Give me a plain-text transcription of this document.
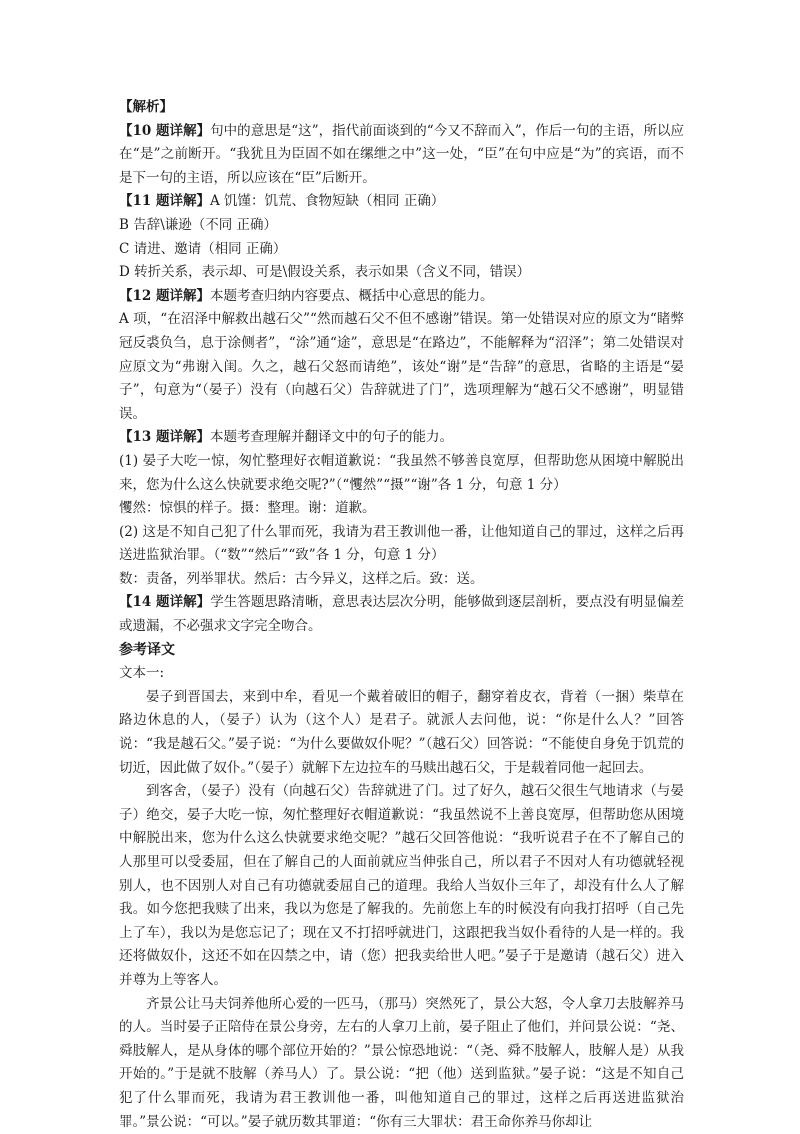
【解析】

【10 题详解】句中的意思是“这”，指代前面谈到的“今又不辞而入”，作后一句的主语，所以应在“是”之前断开。“我犹且为臣固不如在缧绁之中”这一处，“臣”在句中应是“为”的宾语，而不是下一句的主语，所以应该在“臣”后断开。

【11 题详解】A 饥馑：饥荒、食物短缺（相同 正确）

B 告辞\谦逊（不同 正确）

C 请进、邀请（相同 正确）

D 转折关系，表示却、可是\假设关系，表示如果（含义不同，错误）

【12 题详解】本题考查归纳内容要点、概括中心意思的能力。

A 项，“在沼泽中解救出越石父”“然而越石父不但不感谢”错误。第一处错误对应的原文为“睹弊冠反裘负刍，息于涂侧者”，“涂”通“途”，意思是“在路边”，不能解释为“沼泽”；第二处错误对应原文为“弗谢入闺。久之，越石父怒而请绝”，该处“谢”是“告辞”的意思，省略的主语是“晏子”，句意为“（晏子）没有（向越石父）告辞就进了门”，选项理解为“越石父不感谢”，明显错误。

【13 题详解】本题考查理解并翻译文中的句子的能力。

(1) 晏子大吃一惊，匆忙整理好衣帽道歉说：“我虽然不够善良宽厚，但帮助您从困境中解脱出来，您为什么这么快就要求绝交呢?”（“戄然”“摄”“谢”各 1 分，句意 1 分）

戄然：惊惧的样子。摄：整理。谢：道歉。

(2) 这是不知自己犯了什么罪而死，我请为君王教训他一番，让他知道自己的罪过，这样之后再送进监狱治罪。（“数”“然后”“致”各 1 分，句意 1 分）

数：责备，列举罪状。然后：古今异义，这样之后。致：送。

【14 题详解】学生答题思路清晰，意思表达层次分明，能够做到逐层剖析，要点没有明显偏差或遗漏，不必强求文字完全吻合。

参考译文

文本一:

晏子到晋国去，来到中牟，看见一个戴着破旧的帽子，翻穿着皮衣，背着（一捆）柴草在路边休息的人，（晏子）认为（这个人）是君子。就派人去问他，说：“你是什么人？”回答说：“我是越石父。”晏子说：“为什么要做奴仆呢？”（越石父）回答说：“不能使自身免于饥荒的切近，因此做了奴仆。”（晏子）就解下左边拉车的马赎出越石父，于是载着同他一起回去。

到客舍，（晏子）没有（向越石父）告辞就进了门。过了好久，越石父很生气地请求（与晏子）绝交，晏子大吃一惊，匆忙整理好衣帽道歉说：“我虽然说不上善良宽厚，但帮助您从困境中解脱出来，您为什么这么快就要求绝交呢？”越石父回答他说：“我听说君子在不了解自己的人那里可以受委屈，但在了解自己的人面前就应当伸张自己，所以君子不因对人有功德就轻视别人，也不因别人对自己有功德就委屈自己的道理。我给人当奴仆三年了，却没有什么人了解我。如今您把我赎了出来，我以为您是了解我的。先前您上车的时候没有向我打招呼（自己先上了车），我以为是您忘记了；现在又不打招呼就进门，这跟把我当奴仆看待的人是一样的。我还将做奴仆，这还不如在囚禁之中，请（您）把我卖给世人吧。”晏子于是邀请（越石父）进入并尊为上等客人。

齐景公让马夫饲养他所心爱的一匹马，（那马）突然死了，景公大怒，令人拿刀去肢解养马的人。当时晏子正陪侍在景公身旁，左右的人拿刀上前，晏子阻止了他们，并问景公说：“尧、舜肢解人，是从身体的哪个部位开始的？”景公惊恐地说：“（尧、舜不肢解人，肢解人是）从我开始的。”于是就不肢解（养马人）了。景公说：“把（他）送到监狱。”晏子说：“这是不知自己犯了什么罪而死，我请为君王教训他一番，叫他知道自己的罪过，这样之后再送进监狱治罪。”景公说：“可以。”晏子就历数其罪道：“你有三大罪状：君王命你养马你却让
